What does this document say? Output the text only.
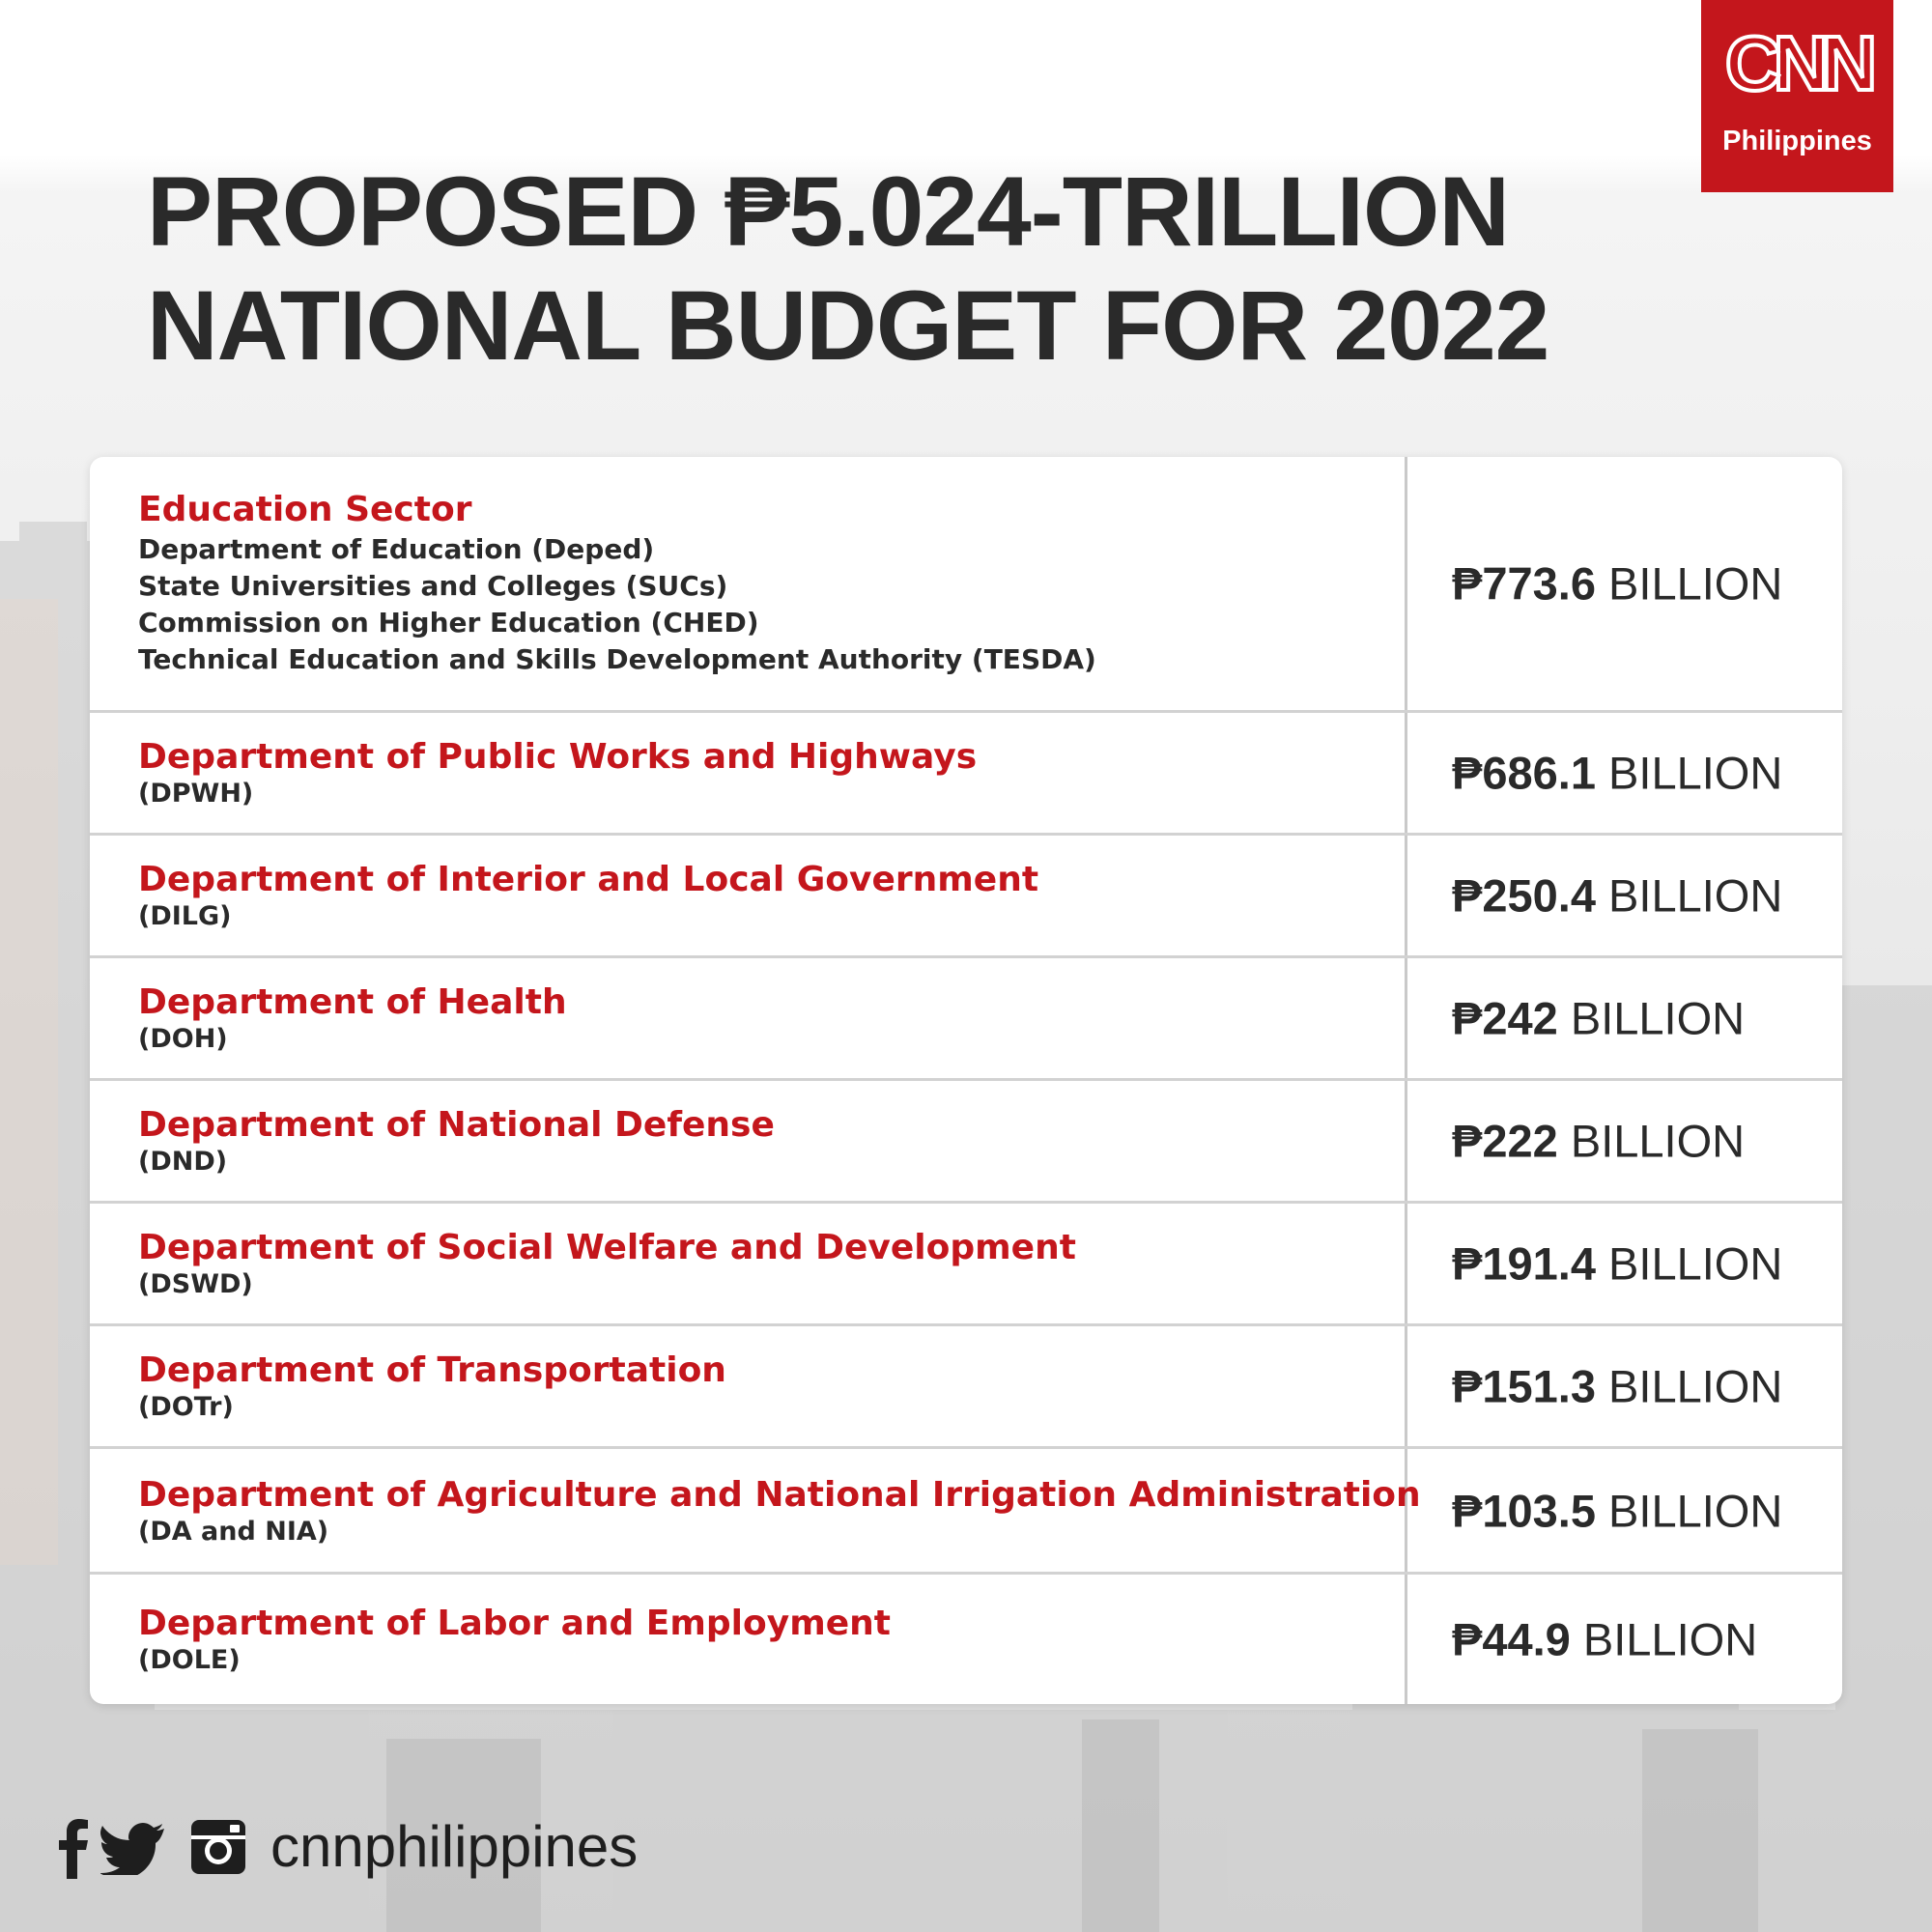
CNN
Philippines
PROPOSED ₱5.024-TRILLION
NATIONAL BUDGET FOR 2022
Education Sector
Department of Education (Deped)
State Universities and Colleges (SUCs)
Commission on Higher Education (CHED)
Technical Education and Skills Development Authority (TESDA)
₱773.6 BILLION
Department of Public Works and Highways
(DPWH)	₱686.1 BILLION
Department of Interior and Local Government
(DILG)	₱250.4 BILLION
Department of Health
(DOH)	₱242 BILLION
Department of National Defense
(DND)	₱222 BILLION
Department of Social Welfare and Development
(DSWD)	₱191.4 BILLION
Department of Transportation
(DOTr)	₱151.3 BILLION
Department of Agriculture and National Irrigation Administration
(DA and NIA)	₱103.5 BILLION
Department of Labor and Employment
(DOLE)	₱44.9 BILLION
cnnphilippines
